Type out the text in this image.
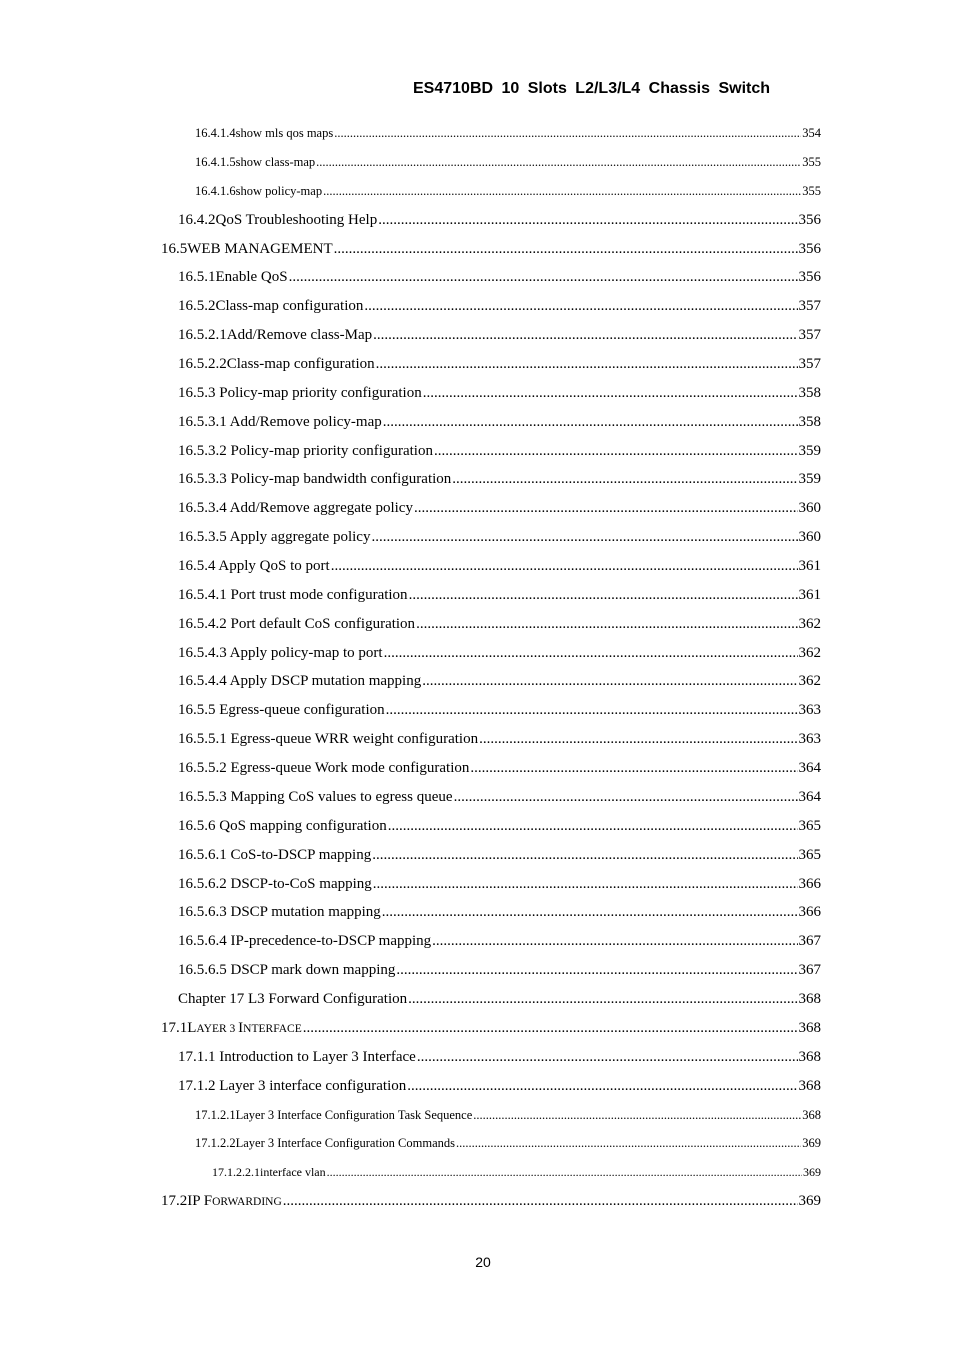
ES4710BD 10 Slots L2/L3/L4 Chassis Switch
16.4.1.4 show mls qos maps .....	354
16.4.1.5 show class-map .....	355
16.4.1.6 show policy-map .....	355
16.4.2 QoS Troubleshooting Help .....	356
16.5 WEB MANAGEMENT .....	356
16.5.1 Enable QoS .....	356
16.5.2 Class-map configuration .....	357
16.5.2.1 Add/Remove class-Map .....	357
16.5.2.2 Class-map configuration .....	357
16.5.3 Policy-map priority configuration .....	358
16.5.3.1 Add/Remove policy-map .....	358
16.5.3.2 Policy-map priority configuration .....	359
16.5.3.3 Policy-map bandwidth configuration .....	359
16.5.3.4 Add/Remove aggregate policy .....	360
16.5.3.5 Apply aggregate policy .....	360
16.5.4 Apply QoS to port .....	361
16.5.4.1 Port trust mode configuration .....	361
16.5.4.2 Port default CoS configuration .....	362
16.5.4.3 Apply policy-map to port .....	362
16.5.4.4 Apply DSCP mutation mapping .....	362
16.5.5 Egress-queue configuration .....	363
16.5.5.1 Egress-queue WRR weight configuration .....	363
16.5.5.2 Egress-queue Work mode configuration .....	364
16.5.5.3 Mapping CoS values to egress queue .....	364
16.5.6 QoS mapping configuration .....	365
16.5.6.1 CoS-to-DSCP mapping .....	365
16.5.6.2 DSCP-to-CoS mapping .....	366
16.5.6.3 DSCP mutation mapping .....	366
16.5.6.4 IP-precedence-to-DSCP mapping .....	367
16.5.6.5 DSCP mark down mapping .....	367
Chapter 17 L3 Forward Configuration .....	368
17.1 LAYER 3 INTERFACE .....	368
17.1.1 Introduction to Layer 3 Interface .....	368
17.1.2 Layer 3 interface configuration .....	368
17.1.2.1 Layer 3 Interface Configuration Task Sequence .....	368
17.1.2.2 Layer 3 Interface Configuration Commands .....	369
17.1.2.2.1 interface vlan .....	369
17.2 IP FORWARDING .....	369
20
